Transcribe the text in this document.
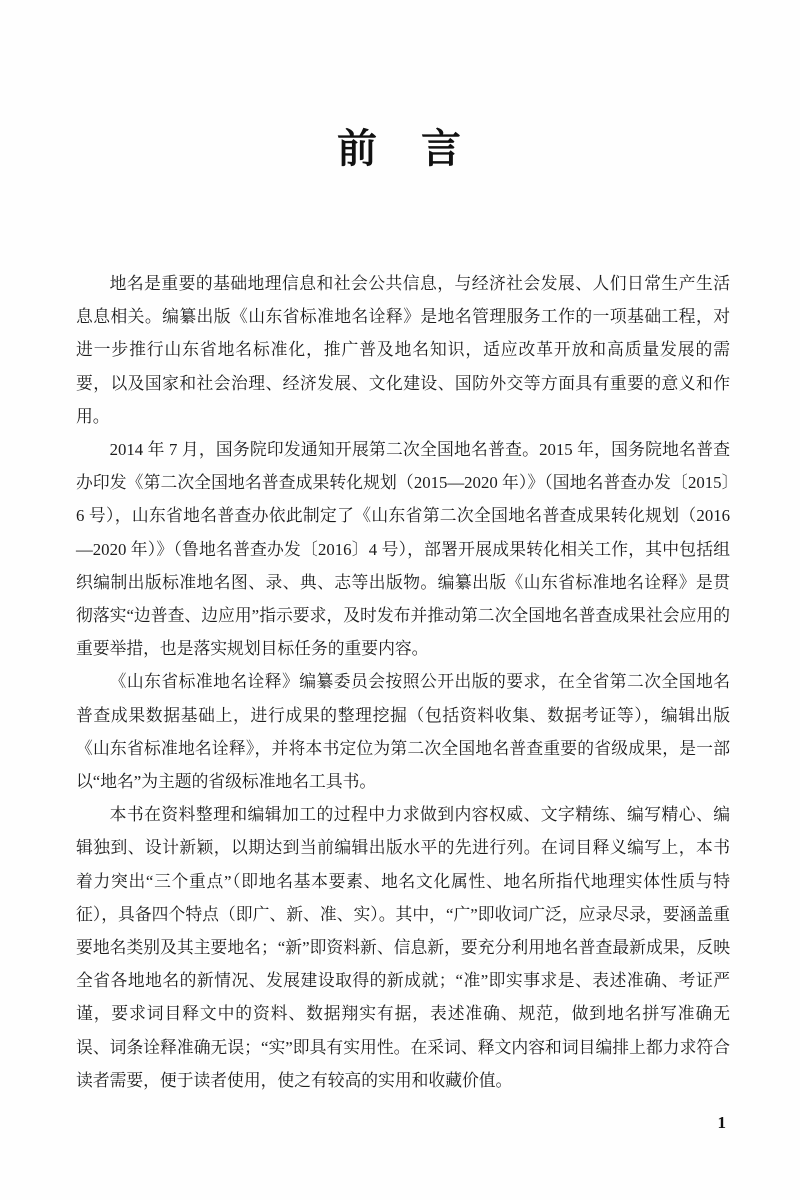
前　言

地名是重要的基础地理信息和社会公共信息，与经济社会发展、人们日常生产生活息息相关。编纂出版《山东省标准地名诠释》是地名管理服务工作的一项基础工程，对进一步推行山东省地名标准化，推广普及地名知识，适应改革开放和高质量发展的需要，以及国家和社会治理、经济发展、文化建设、国防外交等方面具有重要的意义和作用。

2014 年 7 月，国务院印发通知开展第二次全国地名普查。2015 年，国务院地名普查办印发《第二次全国地名普查成果转化规划（2015—2020 年）》（国地名普查办发〔2015〕6 号），山东省地名普查办依此制定了《山东省第二次全国地名普查成果转化规划（2016—2020 年）》（鲁地名普查办发〔2016〕4 号），部署开展成果转化相关工作，其中包括组织编制出版标准地名图、录、典、志等出版物。编纂出版《山东省标准地名诠释》是贯彻落实“边普查、边应用”指示要求，及时发布并推动第二次全国地名普查成果社会应用的重要举措，也是落实规划目标任务的重要内容。

《山东省标准地名诠释》编纂委员会按照公开出版的要求，在全省第二次全国地名普查成果数据基础上，进行成果的整理挖掘（包括资料收集、数据考证等），编辑出版《山东省标准地名诠释》，并将本书定位为第二次全国地名普查重要的省级成果，是一部以“地名”为主题的省级标准地名工具书。

本书在资料整理和编辑加工的过程中力求做到内容权威、文字精练、编写精心、编辑独到、设计新颖，以期达到当前编辑出版水平的先进行列。在词目释义编写上，本书着力突出“三个重点”（即地名基本要素、地名文化属性、地名所指代地理实体性质与特征），具备四个特点（即广、新、准、实）。其中，“广”即收词广泛，应录尽录，要涵盖重要地名类别及其主要地名；“新”即资料新、信息新，要充分利用地名普查最新成果，反映全省各地地名的新情况、发展建设取得的新成就；“准”即实事求是、表述准确、考证严谨，要求词目释文中的资料、数据翔实有据，表述准确、规范，做到地名拼写准确无误、词条诠释准确无误；“实”即具有实用性。在采词、释文内容和词目编排上都力求符合读者需要，便于读者使用，使之有较高的实用和收藏价值。

1
